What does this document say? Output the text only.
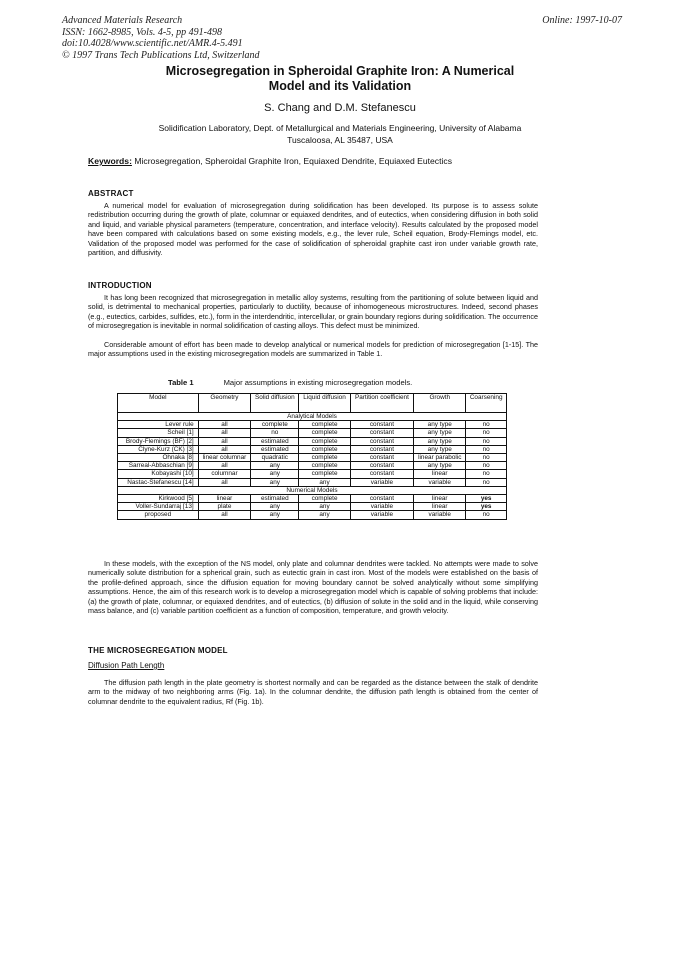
Advanced Materials Research
ISSN: 1662-8985, Vols. 4-5, pp 491-498
doi:10.4028/www.scientific.net/AMR.4-5.491
© 1997 Trans Tech Publications Ltd, Switzerland
Online: 1997-10-07
Microsegregation in Spheroidal Graphite Iron: A Numerical
Model and its Validation
S. Chang and D.M. Stefanescu
Solidification Laboratory, Dept. of Metallurgical and Materials Engineering, University of Alabama
Tuscaloosa, AL 35487, USA
Keywords: Microsegregation, Spheroidal Graphite Iron, Equiaxed Dendrite, Equiaxed Eutectics
ABSTRACT
A numerical model for evaluation of microsegregation during solidification has been developed. Its purpose is to assess solute redistribution occurring during the growth of plate, columnar or equiaxed dendrites, and of eutectics, when considering diffusion in both solid and liquid, and variable physical parameters (temperature, concentration, and interface velocity). Results calculated by the proposed model have been compared with calculations based on some existing models, e.g., the lever rule, Scheil equation, Brody-Flemings model, etc. Validation of the proposed model was performed for the case of solidification of spheroidal graphite cast iron under variable growth rate, partition, and diffusivity.
INTRODUCTION
It has long been recognized that microsegregation in metallic alloy systems, resulting from the partitioning of solute between liquid and solid, is detrimental to mechanical properties, particularly to ductility, because of inhomogeneous microstructures. Indeed, second phases (e.g., eutectics, carbides, sulfides, etc.), form in the interdendritic, intercellular, or grain boundary regions during solidification. The occurrence of microsegregation is inevitable in normal solidification of casting alloys. This defect must be minimized.
Considerable amount of effort has been made to develop analytical or numerical models for prediction of microsegregation [1-15]. The major assumptions used in the existing microsegregation models are summarized in Table 1.
Table 1	Major assumptions in existing microsegregation models.
Model	Geometry	Solid diffusion	Liquid diffusion	Partition coefficient	Growth	Coarsening
Analytical Models						
Lever rule	all	complete	complete	constant	any type	no
Scheil [1]	all	no	complete	constant	any type	no
Brody-Flemings (BF) [2]	all	estimated	complete	constant	any type	no
Clyne-Kurz (CK) [3]	all	estimated	complete	constant	any type	no
Ohnaka [8]	linear columnar	quadratic	complete	constant	linear parabolic	no
Sarreal-Abbaschian [9]	all	any	complete	constant	any type	no
Kobayashi [10]	columnar	any	complete	constant	linear	no
Nastac-Stefanescu [14]	all	any	any	variable	variable	no
Numerical Models						
Kirkwood [5]	linear	estimated	complete	constant	linear	yes
Voller-Sundarraj [13]	plate	any	any	variable	linear	yes
proposed	all	any	any	variable	variable	no
In these models, with the exception of the NS model, only plate and columnar dendrites were tackled. No attempts were made to solve numerically solute distribution for a spherical grain, such as eutectic grain in cast iron. Most of the models were established on the basis of the profile-defined approach, since the diffusion equation for moving boundary cannot be solved analytically without some simplifying assumptions. Hence, the aim of this research work is to develop a microsegregation model which is capable of solving problems that include: (a) the growth of plate, columnar, or equiaxed dendrites, and of eutectics, (b) diffusion of solute in the solid and in the liquid, while conserving mass balance, and (c) variable partition coefficient as a function of composition, temperature, and growth velocity.
THE MICROSEGREGATION MODEL
Diffusion Path Length
The diffusion path length in the plate geometry is shortest normally and can be regarded as the distance between the stalk of dendrite arm to the midway of two neighboring arms (Fig. 1a). In the columnar dendrite, the diffusion path length is obtained from the center of columnar dendrite to the equivalent radius, Rf (Fig. 1b).
